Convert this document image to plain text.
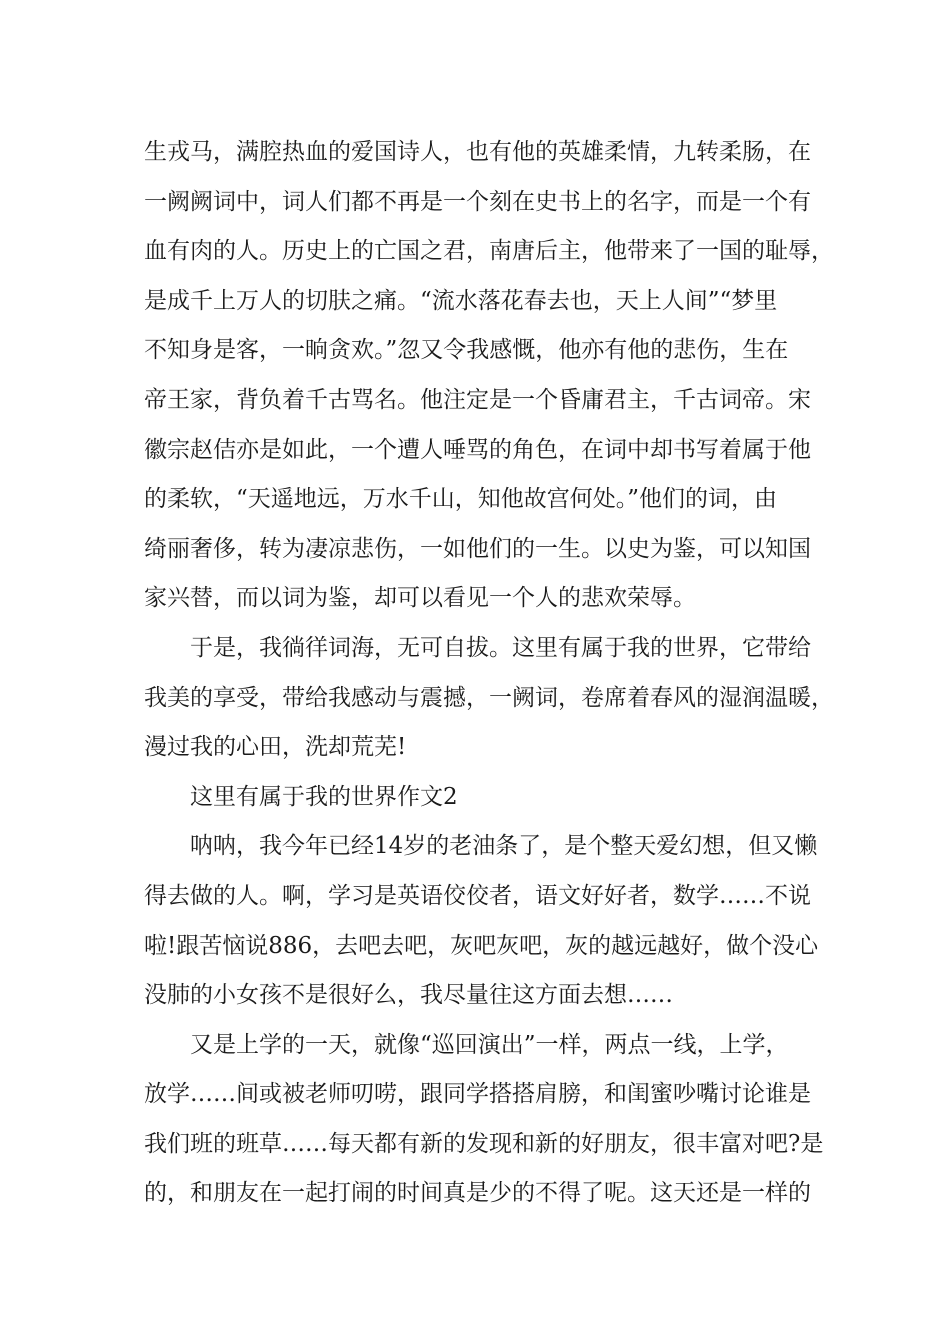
生戎马，满腔热血的爱国诗人，也有他的英雄柔情，九转柔肠，在
一阙阙词中，词人们都不再是一个刻在史书上的名字，而是一个有
血有肉的人。历史上的亡国之君，南唐后主，他带来了一国的耻辱，
是成千上万人的切肤之痛。“流水落花春去也，天上人间”“梦里
不知身是客，一晌贪欢。”忽又令我感慨，他亦有他的悲伤，生在
帝王家，背负着千古骂名。他注定是一个昏庸君主，千古词帝。宋
徽宗赵佶亦是如此，一个遭人唾骂的角色，在词中却书写着属于他
的柔软，“天遥地远，万水千山，知他故宫何处。”他们的词，由
绮丽奢侈，转为凄凉悲伤，一如他们的一生。以史为鉴，可以知国
家兴替，而以词为鉴，却可以看见一个人的悲欢荣辱。
于是，我徜徉词海，无可自拔。这里有属于我的世界，它带给
我美的享受，带给我感动与震撼，一阙词，卷席着春风的湿润温暖，
漫过我的心田，洗却荒芜!
这里有属于我的世界作文2
呐呐，我今年已经14岁的老油条了，是个整天爱幻想，但又懒
得去做的人。啊，学习是英语佼佼者，语文好好者，数学……不说
啦!跟苦恼说886，去吧去吧，灰吧灰吧，灰的越远越好，做个没心
没肺的小女孩不是很好么，我尽量往这方面去想……
又是上学的一天，就像“巡回演出”一样，两点一线，上学，
放学……间或被老师叨唠，跟同学搭搭肩膀，和闺蜜吵嘴讨论谁是
我们班的班草……每天都有新的发现和新的好朋友，很丰富对吧?是
的，和朋友在一起打闹的时间真是少的不得了呢。这天还是一样的
